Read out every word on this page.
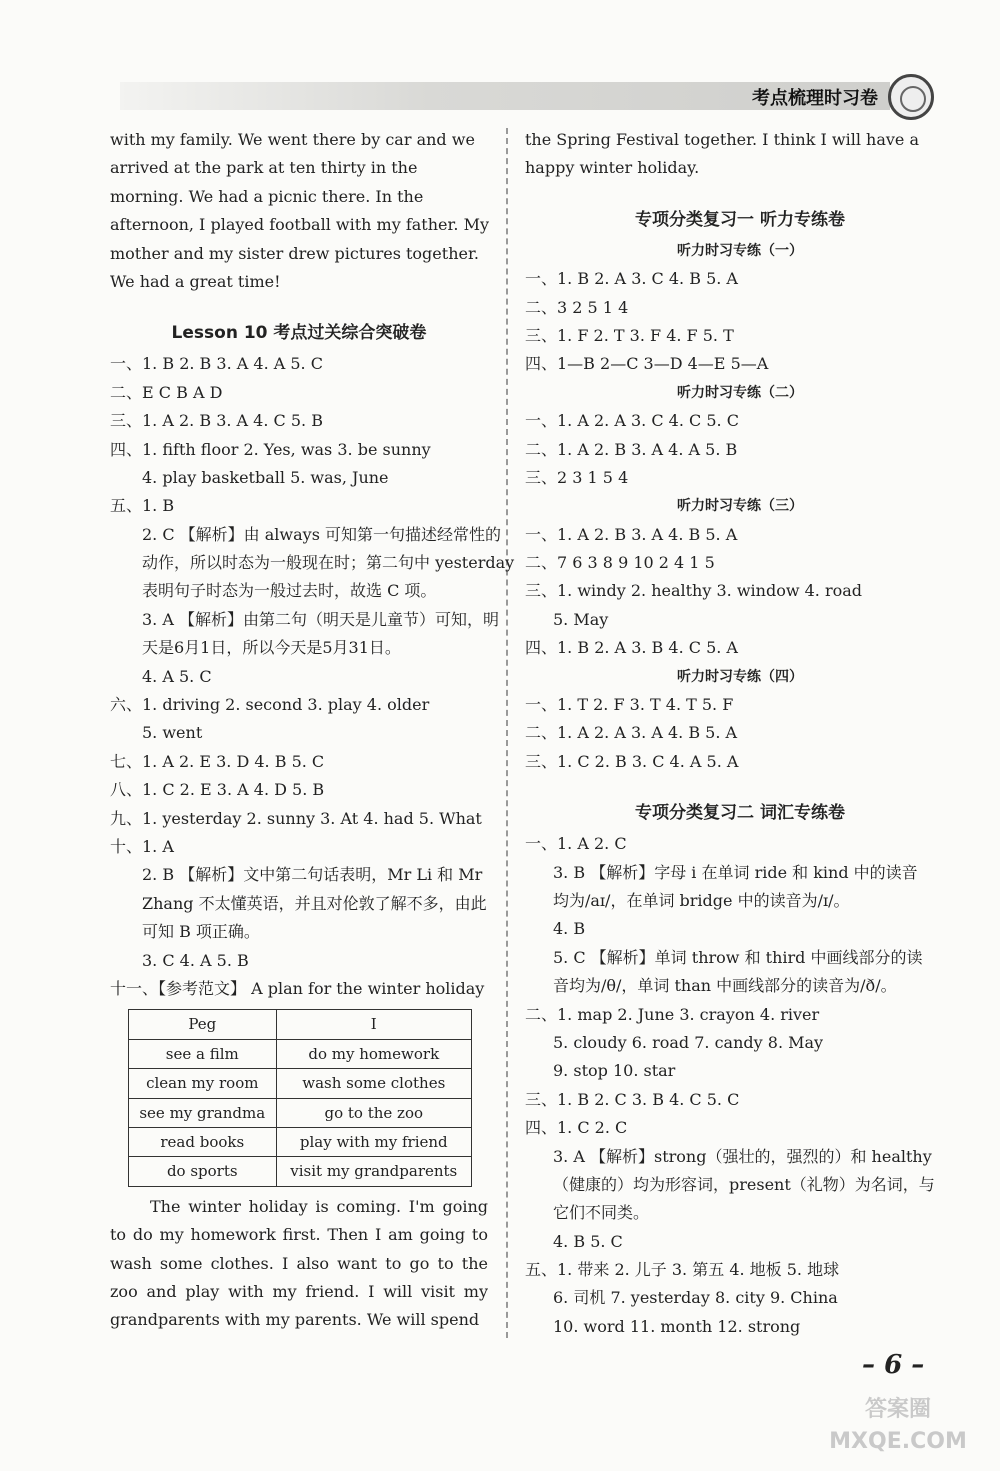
考点梳理时习卷
with my family. We went there by car and we
arrived at the park at ten thirty in the
morning. We had a picnic there. In the
afternoon, I played football with my father. My
mother and my sister drew pictures together.
We had a great time!
Lesson 10 考点过关综合突破卷
一、1. B 2. B 3. A 4. A 5. C
二、E C B A D
三、1. A 2. B 3. A 4. C 5. B
四、1. fifth floor 2. Yes, was 3. be sunny
4. play basketball 5. was, June
五、1. B
2. C 【解析】由 always 可知第一句描述经常性的
动作，所以时态为一般现在时；第二句中 yesterday
表明句子时态为一般过去时，故选 C 项。
3. A 【解析】由第二句（明天是儿童节）可知，明
天是6月1日，所以今天是5月31日。
4. A 5. C
六、1. driving 2. second 3. play 4. older
5. went
七、1. A 2. E 3. D 4. B 5. C
八、1. C 2. E 3. A 4. D 5. B
九、1. yesterday 2. sunny 3. At 4. had 5. What
十、1. A
2. B 【解析】文中第二句话表明，Mr Li 和 Mr
Zhang 不太懂英语，并且对伦敦了解不多，由此
可知 B 项正确。
3. C 4. A 5. B
十一、【参考范文】 A plan for the winter holiday
Peg	I
see a film	do my homework
clean my room	wash some clothes
see my grandma	go to the zoo
read books	play with my friend
do sports	visit my grandparents
The winter holiday is coming. I'm going to do my homework first. Then I am going to wash some clothes. I also want to go to the zoo and play with my friend. I will visit my grandparents with my parents. We will spend
the Spring Festival together. I think I will have a
happy winter holiday.
专项分类复习一 听力专练卷
听力时习专练（一）
一、1. B 2. A 3. C 4. B 5. A
二、3 2 5 1 4
三、1. F 2. T 3. F 4. F 5. T
四、1—B 2—C 3—D 4—E 5—A
听力时习专练（二）
一、1. A 2. A 3. C 4. C 5. C
二、1. A 2. B 3. A 4. A 5. B
三、2 3 1 5 4
听力时习专练（三）
一、1. A 2. B 3. A 4. B 5. A
二、7 6 3 8 9 10 2 4 1 5
三、1. windy 2. healthy 3. window 4. road
5. May
四、1. B 2. A 3. B 4. C 5. A
听力时习专练（四）
一、1. T 2. F 3. T 4. T 5. F
二、1. A 2. A 3. A 4. B 5. A
三、1. C 2. B 3. C 4. A 5. A
专项分类复习二 词汇专练卷
一、1. A 2. C
3. B 【解析】字母 i 在单词 ride 和 kind 中的读音
均为/aɪ/，在单词 bridge 中的读音为/ɪ/。
4. B
5. C 【解析】单词 throw 和 third 中画线部分的读
音均为/θ/，单词 than 中画线部分的读音为/ð/。
二、1. map 2. June 3. crayon 4. river
5. cloudy 6. road 7. candy 8. May
9. stop 10. star
三、1. B 2. C 3. B 4. C 5. C
四、1. C 2. C
3. A 【解析】strong（强壮的，强烈的）和 healthy
（健康的）均为形容词，present（礼物）为名词，与
它们不同类。
4. B 5. C
五、1. 带来 2. 儿子 3. 第五 4. 地板 5. 地球
6. 司机 7. yesterday 8. city 9. China
10. word 11. month 12. strong
– 6 –
答案圈
MXQE.COM
